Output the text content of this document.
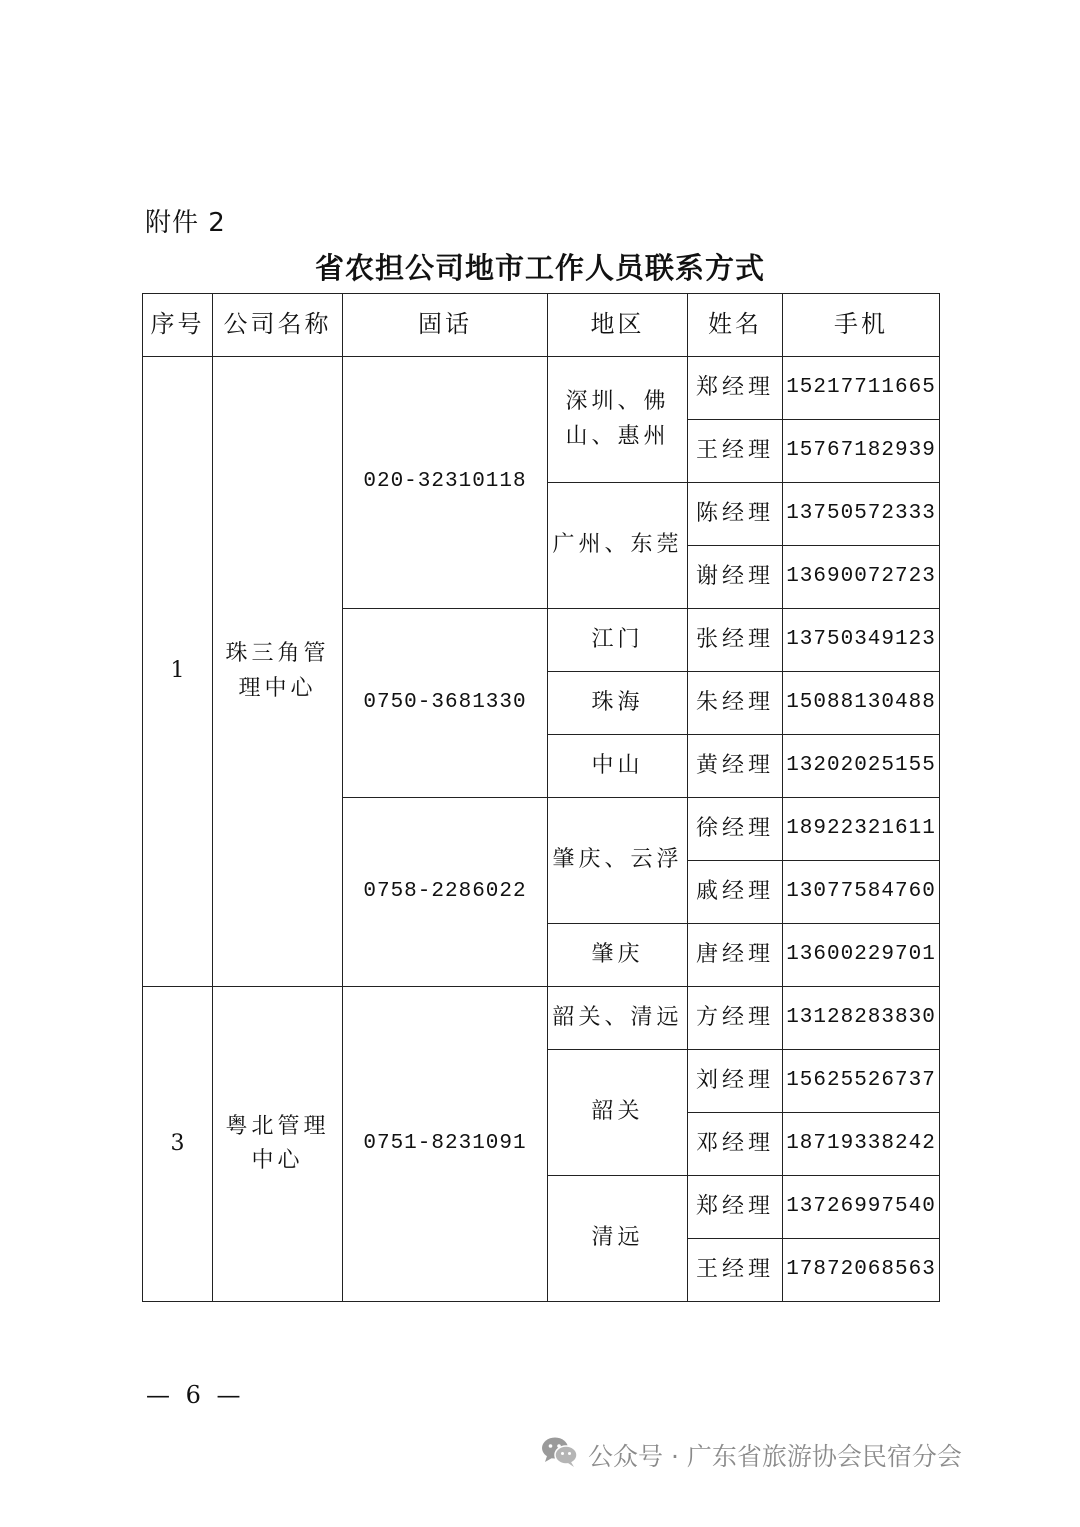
附件 2
省农担公司地市工作人员联系方式
序号	公司名称	固话	地区	姓名	手机
1	珠三角管理中心	020-32310118	深圳、佛山、惠州	郑经理	15217711665
				王经理	15767182939
			广州、东莞	陈经理	13750572333
				谢经理	13690072723
		0750-3681330	江门	张经理	13750349123
			珠海	朱经理	15088130488
			中山	黄经理	13202025155
		0758-2286022	肇庆、云浮	徐经理	18922321611
				戚经理	13077584760
			肇庆	唐经理	13600229701
3	粤北管理中心	0751-8231091	韶关、清远	方经理	13128283830
			韶关	刘经理	15625526737
				邓经理	18719338242
			清远	郑经理	13726997540
				王经理	17872068563
— 6 —
公众号 · 广东省旅游协会民宿分会
